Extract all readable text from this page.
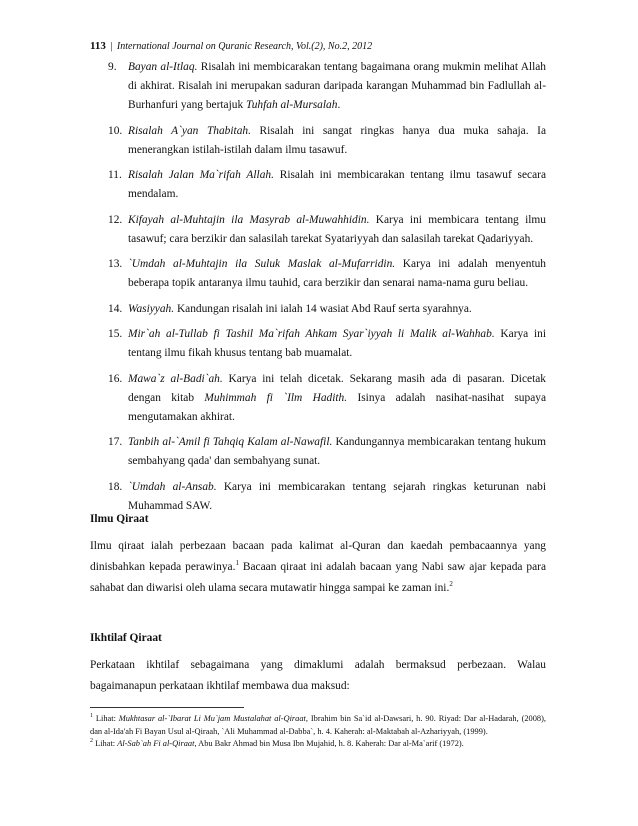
113 | International Journal on Quranic Research, Vol.(2), No.2, 2012
9. Bayan al-Itlaq. Risalah ini membicarakan tentang bagaimana orang mukmin melihat Allah di akhirat. Risalah ini merupakan saduran daripada karangan Muhammad bin Fadlullah al-Burhanfuri yang bertajuk Tuhfah al-Mursalah.
10. Risalah A`yan Thabitah. Risalah ini sangat ringkas hanya dua muka sahaja. Ia menerangkan istilah-istilah dalam ilmu tasawuf.
11. Risalah Jalan Ma`rifah Allah. Risalah ini membicarakan tentang ilmu tasawuf secara mendalam.
12. Kifayah al-Muhtajin ila Masyrab al-Muwahhidin. Karya ini membicara tentang ilmu tasawuf; cara berzikir dan salasilah tarekat Syatariyyah dan salasilah tarekat Qadariyyah.
13. `Umdah al-Muhtajin ila Suluk Maslak al-Mufarridin. Karya ini adalah menyentuh beberapa topik antaranya ilmu tauhid, cara berzikir dan senarai nama-nama guru beliau.
14. Wasiyyah. Kandungan risalah ini ialah 14 wasiat Abd Rauf serta syarahnya.
15. Mir`ah al-Tullab fi Tashil Ma`rifah Ahkam Syar`iyyah li Malik al-Wahhab. Karya ini tentang ilmu fikah khusus tentang bab muamalat.
16. Mawa`z al-Badi`ah. Karya ini telah dicetak. Sekarang masih ada di pasaran. Dicetak dengan kitab Muhimmah fi `Ilm Hadith. Isinya adalah nasihat-nasihat supaya mengutamakan akhirat.
17. Tanbih al-`Amil fi Tahqiq Kalam al-Nawafil. Kandungannya membicarakan tentang hukum sembahyang qada' dan sembahyang sunat.
18. `Umdah al-Ansab. Karya ini membicarakan tentang sejarah ringkas keturunan nabi Muhammad SAW.
Ilmu Qiraat

Ilmu qiraat ialah perbezaan bacaan pada kalimat al-Quran dan kaedah pembacaannya yang dinisbahkan kepada perawinya.$^1$ Bacaan qiraat ini adalah bacaan yang Nabi saw ajar kepada para sahabat dan diwarisi oleh ulama secara mutawatir hingga sampai ke zaman ini.$^2$

Ikhtilaf Qiraat

Perkataan ikhtilaf sebagaimana yang dimaklumi adalah bermaksud perbezaan. Walau bagaimanapun perkataan ikhtilaf membawa dua maksud:

$^1$ Lihat: Mukhtasar al-`Ibarat Li Mu`jam Mustalahat al-Qiraat, Ibrahim bin Sa`id al-Dawsari, h. 90. Riyad: Dar al-Hadarah, (2008), dan al-Ida'ah Fi Bayan Usul al-Qiraah, `Ali Muhammad al-Dabba`, h. 4. Kaherah: al-Maktabah al-Azhariyyah, (1999).

$^2$ Lihat: Al-Sab`ah Fi al-Qiraat, Abu Bakr Ahmad bin Musa Ibn Mujahid, h. 8. Kaherah: Dar al-Ma`arif (1972).
